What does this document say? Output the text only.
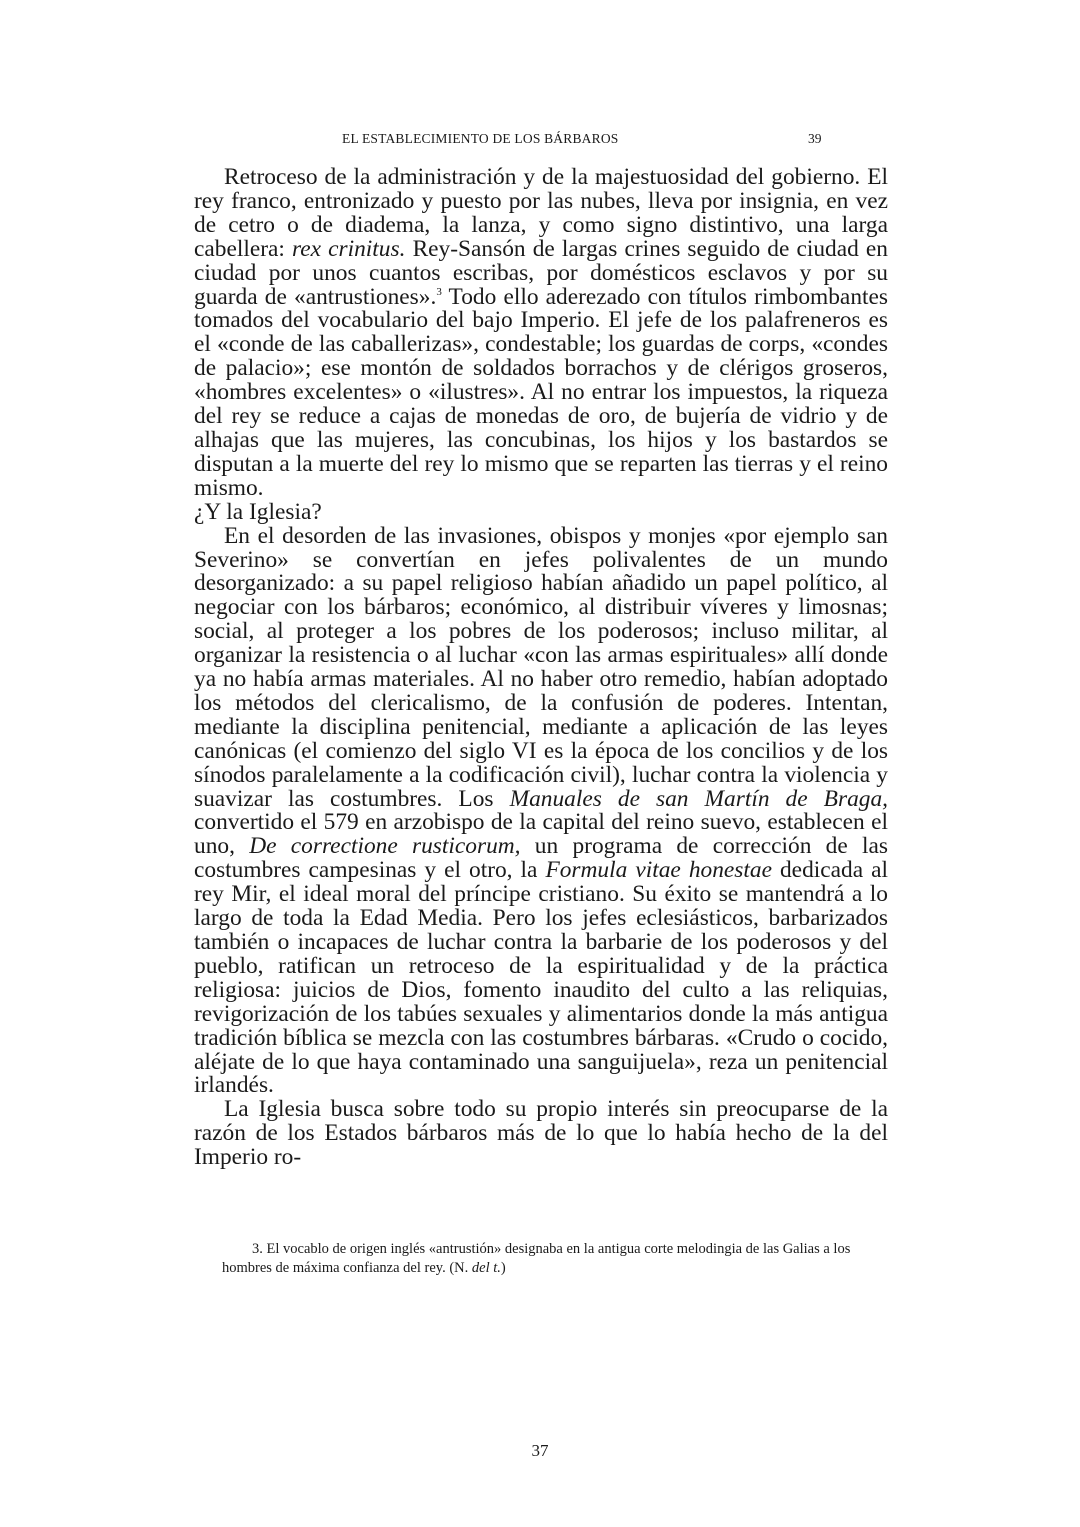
EL ESTABLECIMIENTO DE LOS BÁRBAROS	39

Retroceso de la administración y de la majestuosidad del gobierno. El rey franco, entronizado y puesto por las nubes, lleva por insignia, en vez de cetro o de diadema, la lanza, y como signo distintivo, una larga cabellera: rex crinitus. Rey-Sansón de largas crines seguido de ciudad en ciudad por unos cuantos escribas, por domésticos esclavos y por su guarda de «antrustiones».$^3$ Todo ello aderezado con títulos rimbombantes tomados del vocabulario del bajo Imperio. El jefe de los palafreneros es el «conde de las caballerizas», condestable; los guardas de corps, «condes de palacio»; ese montón de soldados borrachos y de clérigos groseros, «hombres excelentes» o «ilustres». Al no entrar los impuestos, la riqueza del rey se reduce a cajas de monedas de oro, de bujería de vidrio y de alhajas que las mujeres, las concubinas, los hijos y los bastardos se disputan a la muerte del rey lo mismo que se reparten las tierras y el reino mismo.

¿Y la Iglesia?

En el desorden de las invasiones, obispos y monjes «por ejemplo san Severino» se convertían en jefes polivalentes de un mundo desorganizado: a su papel religioso habían añadido un papel político, al negociar con los bárbaros; económico, al distribuir víveres y limosnas; social, al proteger a los pobres de los poderosos; incluso militar, al organizar la resistencia o al luchar «con las armas espirituales» allí donde ya no había armas materiales. Al no haber otro remedio, habían adoptado los métodos del clericalismo, de la confusión de poderes. Intentan, mediante la disciplina penitencial, mediante a aplicación de las leyes canónicas (el comienzo del siglo VI es la época de los concilios y de los sínodos paralelamente a la codificación civil), luchar contra la violencia y suavizar las costumbres. Los Manuales de san Martín de Braga, convertido el 579 en arzobispo de la capital del reino suevo, establecen el uno, De correctione rusticorum, un programa de corrección de las costumbres campesinas y el otro, la Formula vitae honestae dedicada al rey Mir, el ideal moral del príncipe cristiano. Su éxito se mantendrá a lo largo de toda la Edad Media. Pero los jefes eclesiásticos, barbarizados también o incapaces de luchar contra la barbarie de los poderosos y del pueblo, ratifican un retroceso de la espiritualidad y de la práctica religiosa: juicios de Dios, fomento inaudito del culto a las reliquias, revigorización de los tabúes sexuales y alimentarios donde la más antigua tradición bíblica se mezcla con las costumbres bárbaras. «Crudo o cocido, aléjate de lo que haya contaminado una sanguijuela», reza un penitencial irlandés.

La Iglesia busca sobre todo su propio interés sin preocuparse de la razón de los Estados bárbaros más de lo que lo había hecho de la del Imperio ro-

3. El vocablo de origen inglés «antrustión» designaba en la antigua corte melodingia de las Galias a los hombres de máxima confianza del rey. (N. del t.)

37
